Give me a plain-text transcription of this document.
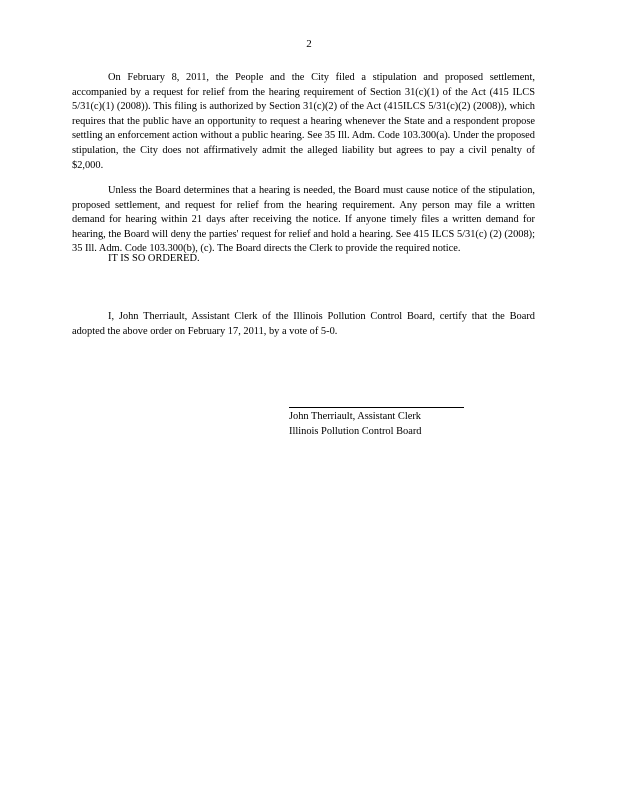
2

On February 8, 2011, the People and the City filed a stipulation and proposed settlement, accompanied by a request for relief from the hearing requirement of Section 31(c)(1) of the Act (415 ILCS 5/31(c)(1) (2008)). This filing is authorized by Section 31(c)(2) of the Act (415ILCS 5/31(c)(2) (2008)), which requires that the public have an opportunity to request a hearing whenever the State and a respondent propose settling an enforcement action without a public hearing. See 35 Ill. Adm. Code 103.300(a). Under the proposed stipulation, the City does not affirmatively admit the alleged liability but agrees to pay a civil penalty of $2,000.

Unless the Board determines that a hearing is needed, the Board must cause notice of the stipulation, proposed settlement, and request for relief from the hearing requirement. Any person may file a written demand for hearing within 21 days after receiving the notice. If anyone timely files a written demand for hearing, the Board will deny the parties' request for relief and hold a hearing. See 415 ILCS 5/31(c) (2) (2008); 35 Ill. Adm. Code 103.300(b), (c). The Board directs the Clerk to provide the required notice.

IT IS SO ORDERED.

I, John Therriault, Assistant Clerk of the Illinois Pollution Control Board, certify that the Board adopted the above order on February 17, 2011, by a vote of 5-0.

John Therriault, Assistant Clerk
Illinois Pollution Control Board
